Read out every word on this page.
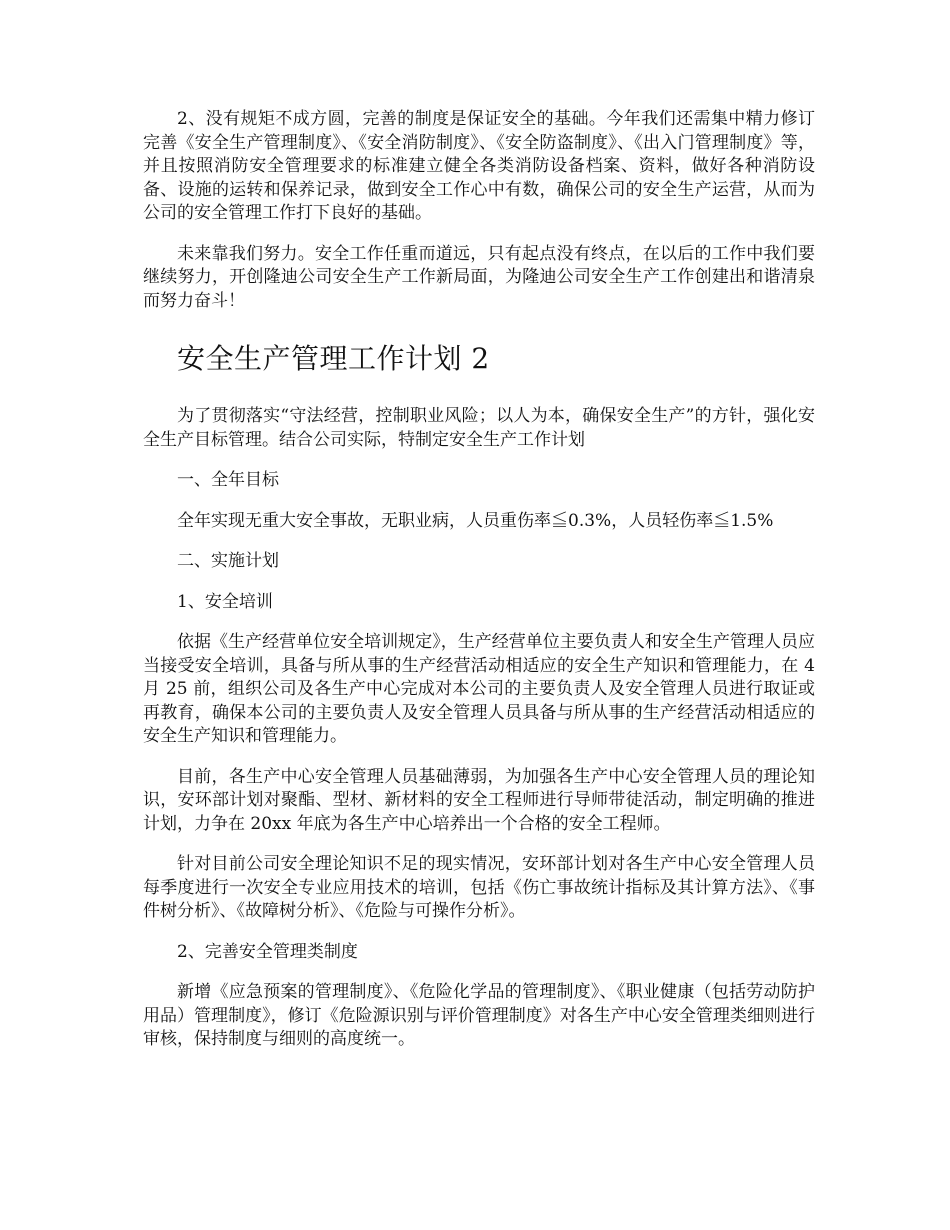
2、没有规矩不成方圆，完善的制度是保证安全的基础。今年我们还需集中精力修订完善《安全生产管理制度》、《安全消防制度》、《安全防盗制度》、《出入门管理制度》等，并且按照消防安全管理要求的标准建立健全各类消防设备档案、资料，做好各种消防设备、设施的运转和保养记录，做到安全工作心中有数，确保公司的安全生产运营，从而为公司的安全管理工作打下良好的基础。

未来靠我们努力。安全工作任重而道远，只有起点没有终点，在以后的工作中我们要继续努力，开创隆迪公司安全生产工作新局面，为隆迪公司安全生产工作创建出和谐清泉而努力奋斗！

安全生产管理工作计划 2

为了贯彻落实“守法经营，控制职业风险；以人为本，确保安全生产”的方针，强化安全生产目标管理。结合公司实际，特制定安全生产工作计划

一、全年目标

全年实现无重大安全事故，无职业病，人员重伤率≦0.3%，人员轻伤率≦1.5%

二、实施计划

1、安全培训

依据《生产经营单位安全培训规定》，生产经营单位主要负责人和安全生产管理人员应当接受安全培训，具备与所从事的生产经营活动相适应的安全生产知识和管理能力，在 4 月 25 前，组织公司及各生产中心完成对本公司的主要负责人及安全管理人员进行取证或再教育，确保本公司的主要负责人及安全管理人员具备与所从事的生产经营活动相适应的安全生产知识和管理能力。

目前，各生产中心安全管理人员基础薄弱，为加强各生产中心安全管理人员的理论知识，安环部计划对聚酯、型材、新材料的安全工程师进行导师带徒活动，制定明确的推进计划，力争在 20xx 年底为各生产中心培养出一个合格的安全工程师。

针对目前公司安全理论知识不足的现实情况，安环部计划对各生产中心安全管理人员每季度进行一次安全专业应用技术的培训，包括《伤亡事故统计指标及其计算方法》、《事件树分析》、《故障树分析》、《危险与可操作分析》。

2、完善安全管理类制度

新增《应急预案的管理制度》、《危险化学品的管理制度》、《职业健康（包括劳动防护用品）管理制度》，修订《危险源识别与评价管理制度》对各生产中心安全管理类细则进行审核，保持制度与细则的高度统一。
